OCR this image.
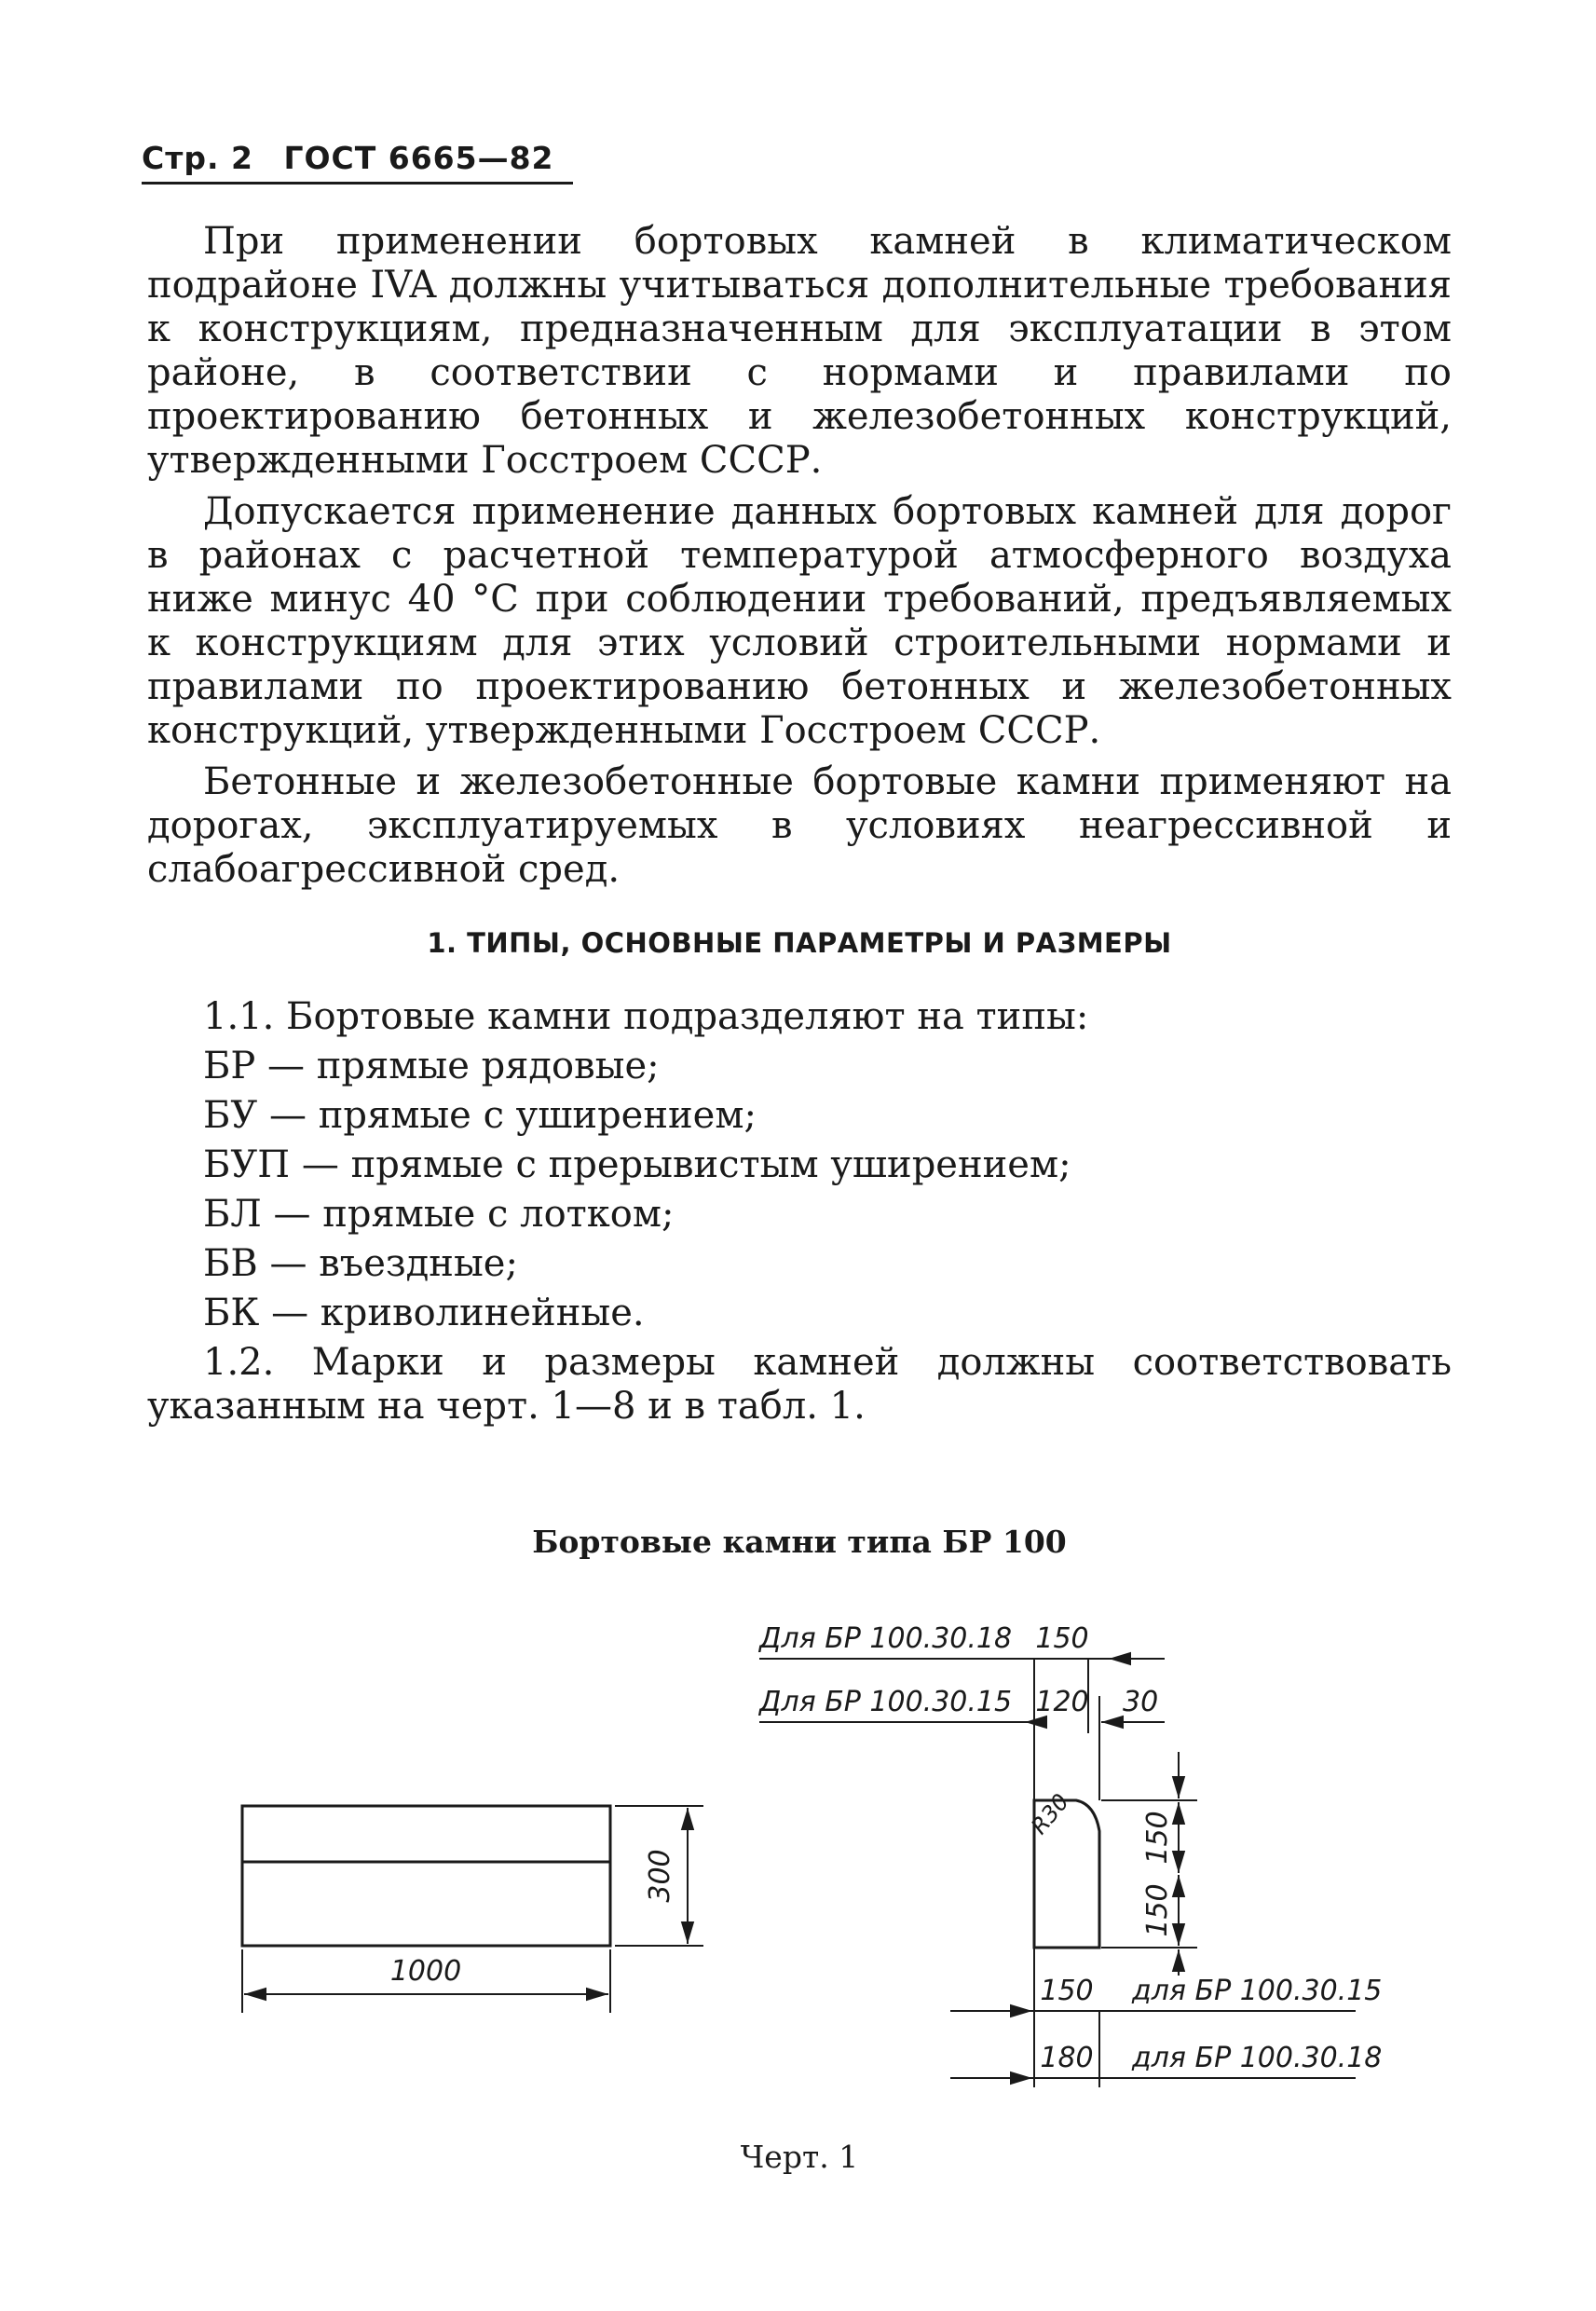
Стр. 2 ГОСТ 6665—82

При применении бортовых камней в климатическом подрайоне IVA должны учитываться дополнительные требования к конструкциям, предназначенным для эксплуатации в этом районе, в соответствии с нормами и правилами по проектированию бетонных и железобетонных конструкций, утвержденными Госстроем СССР.

Допускается применение данных бортовых камней для дорог в районах с расчетной температурой атмосферного воздуха ниже минус 40 °С при соблюдении требований, предъявляемых к конструкциям для этих условий строительными нормами и правилами по проектированию бетонных и железобетонных конструкций, утвержденными Госстроем СССР.

Бетонные и железобетонные бортовые камни применяют на дорогах, эксплуатируемых в условиях неагрессивной и слабоагрессивной сред.

1. ТИПЫ, ОСНОВНЫЕ ПАРАМЕТРЫ И РАЗМЕРЫ

1.1. Бортовые камни подразделяют на типы:

БР — прямые рядовые;

БУ — прямые с уширением;

БУП — прямые с прерывистым уширением;

БЛ — прямые с лотком;

БВ — въездные;

БК — криволинейные.

1.2. Марки и размеры камней должны соответствовать указанным на черт. 1—8 и в табл. 1.

Бортовые камни типа БР 100
1000
300
Для БР 100.30.18 150
Для БР 100.30.15 120 30
R30 150
150
150 для БР 100.30.15
180 для БР 100.30.18
Черт. 1
